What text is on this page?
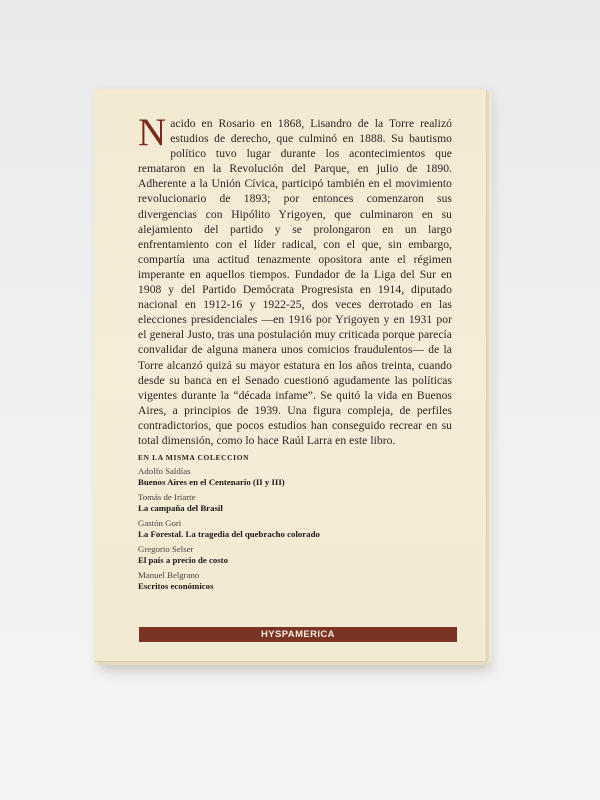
Nacido en Rosario en 1868, Lisandro de la Torre realizó estudios de derecho, que culminó en 1888. Su bautismo político tuvo lugar durante los acontecimientos que remataron en la Revolución del Parque, en julio de 1890. Adherente a la Unión Cívica, participó también en el movimiento revolucionario de 1893; por entonces comenzaron sus divergencias con Hipólito Yrigoyen, que culminaron en su alejamiento del partido y se prolongaron en un largo enfrentamiento con el líder radical, con el que, sin embargo, compartía una actitud tenazmente opositora ante el régimen imperante en aquellos tiempos. Fundador de la Liga del Sur en 1908 y del Partido Demócrata Progresista en 1914, diputado nacional en 1912-16 y 1922-25, dos veces derrotado en las elecciones presidenciales —en 1916 por Yrigoyen y en 1931 por el general Justo, tras una postulación muy criticada porque parecía convalidar de alguna manera unos comicios fraudulentos— de la Torre alcanzó quizá su mayor estatura en los años treinta, cuando desde su banca en el Senado cuestionó agudamente las políticas vigentes durante la “década infame”. Se quitó la vida en Buenos Aires, a principios de 1939. Una figura compleja, de perfiles contradictorios, que pocos estudios han conseguido recrear en su total dimensión, como lo hace Raúl Larra en este libro.
EN LA MISMA COLECCION
Adolfo Saldías
Buenos Aires en el Centenario (II y III)
Tomás de Iriarte
La campaña del Brasil
Gastón Gori
La Forestal. La tragedia del quebracho colorado
Gregorio Selser
El país a precio de costo
Manuel Belgrano
Escritos económicos
HYSPAMERICA
